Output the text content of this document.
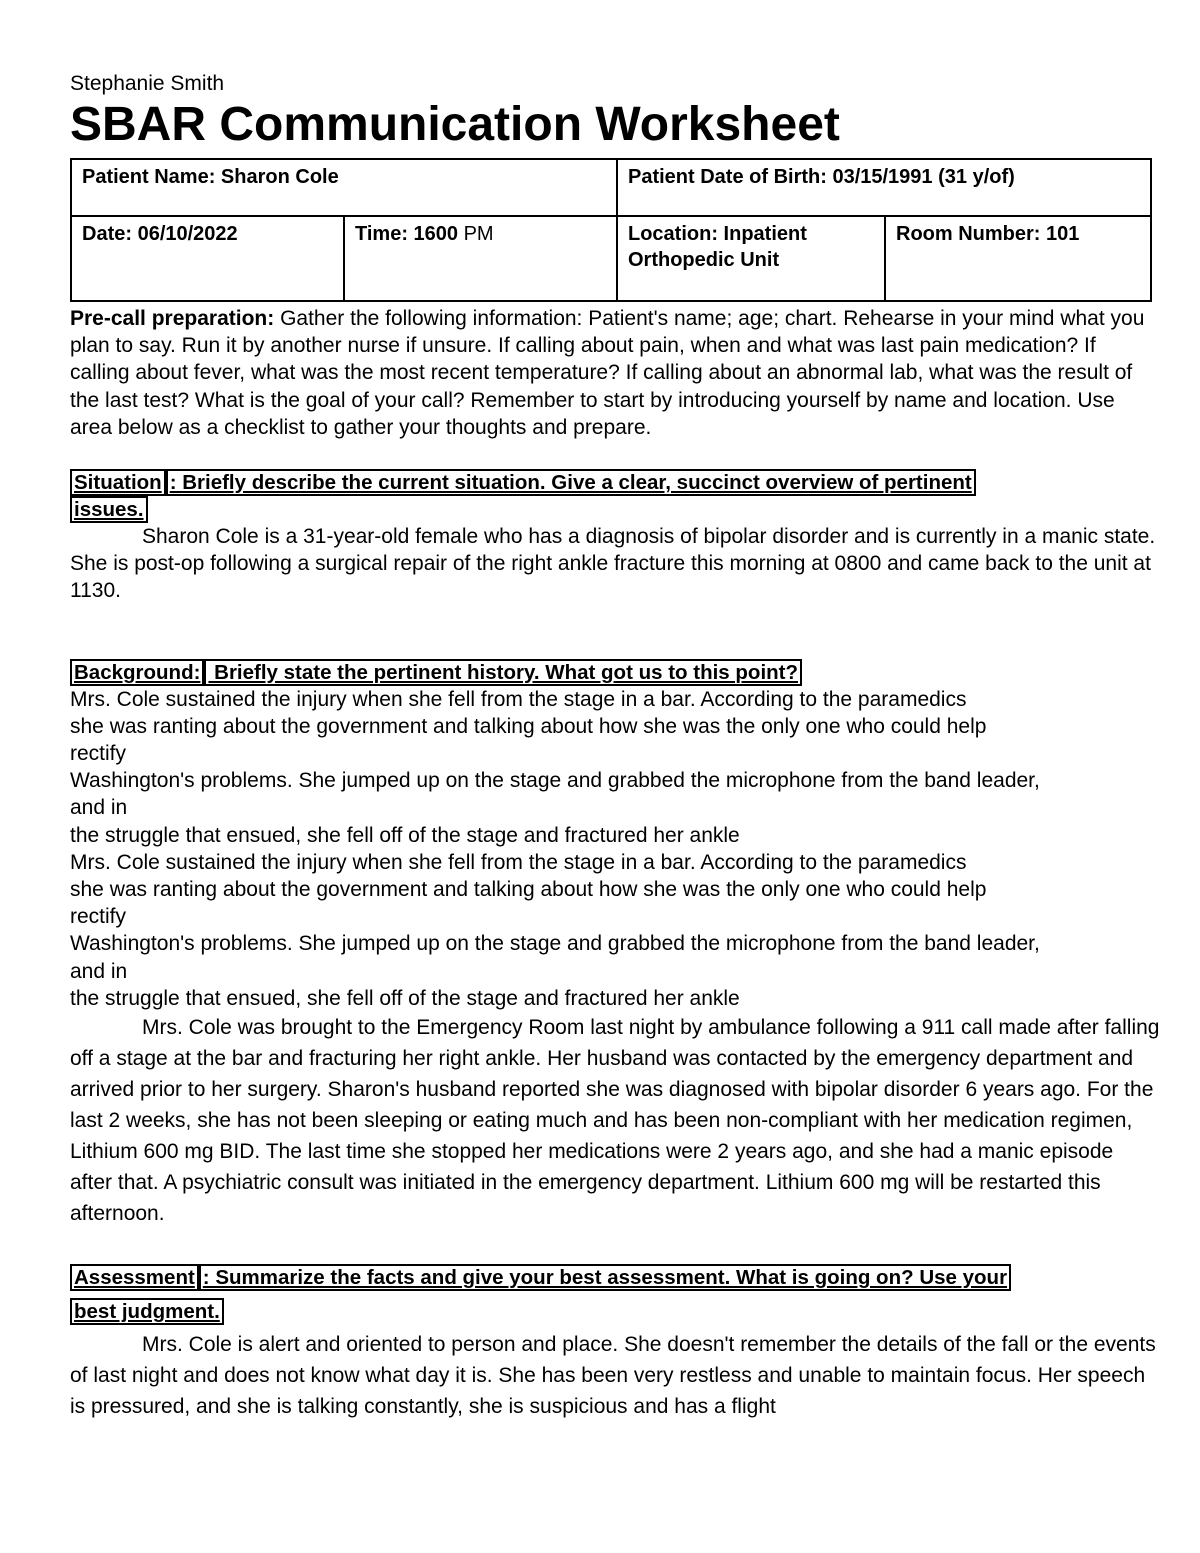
Stephanie Smith
SBAR Communication Worksheet
Patient Name: Sharon Cole		Patient Date of Birth: 03/15/1991 (31 y/of)	
Date: 06/10/2022	Time: 1600 PM	Location: Inpatient Orthopedic Unit	Room Number: 101
Pre-call preparation: Gather the following information: Patient's name; age; chart. Rehearse in your mind what you plan to say. Run it by another nurse if unsure. If calling about pain, when and what was last pain medication? If calling about fever, what was the most recent temperature? If calling about an abnormal lab, what was the result of the last test? What is the goal of your call? Remember to start by introducing yourself by name and location. Use area below as a checklist to gather your thoughts and prepare.
Situation : Briefly describe the current situation. Give a clear, succinct overview of pertinent
issues.
Sharon Cole is a 31-year-old female who has a diagnosis of bipolar disorder and is currently in a manic state. She is post-op following a surgical repair of the right ankle fracture this morning at 0800 and came back to the unit at 1130.
Background: Briefly state the pertinent history. What got us to this point?
Mrs. Cole sustained the injury when she fell from the stage in a bar. According to the paramedics
she was ranting about the government and talking about how she was the only one who could help
rectify
Washington's problems. She jumped up on the stage and grabbed the microphone from the band leader,
and in
the struggle that ensued, she fell off of the stage and fractured her ankle
Mrs. Cole sustained the injury when she fell from the stage in a bar. According to the paramedics
she was ranting about the government and talking about how she was the only one who could help
rectify
Washington's problems. She jumped up on the stage and grabbed the microphone from the band leader,
and in
the struggle that ensued, she fell off of the stage and fractured her ankle
Mrs. Cole was brought to the Emergency Room last night by ambulance following a 911 call made after falling off a stage at the bar and fracturing her right ankle. Her husband was contacted by the emergency department and arrived prior to her surgery. Sharon's husband reported she was diagnosed with bipolar disorder 6 years ago. For the last 2 weeks, she has not been sleeping or eating much and has been non-compliant with her medication regimen, Lithium 600 mg BID. The last time she stopped her medications were 2 years ago, and she had a manic episode after that. A psychiatric consult was initiated in the emergency department. Lithium 600 mg will be restarted this afternoon.
Assessment : Summarize the facts and give your best assessment. What is going on? Use your
best judgment.
Mrs. Cole is alert and oriented to person and place. She doesn't remember the details of the fall or the events of last night and does not know what day it is. She has been very restless and unable to maintain focus. Her speech is pressured, and she is talking constantly, she is suspicious and has a flight
